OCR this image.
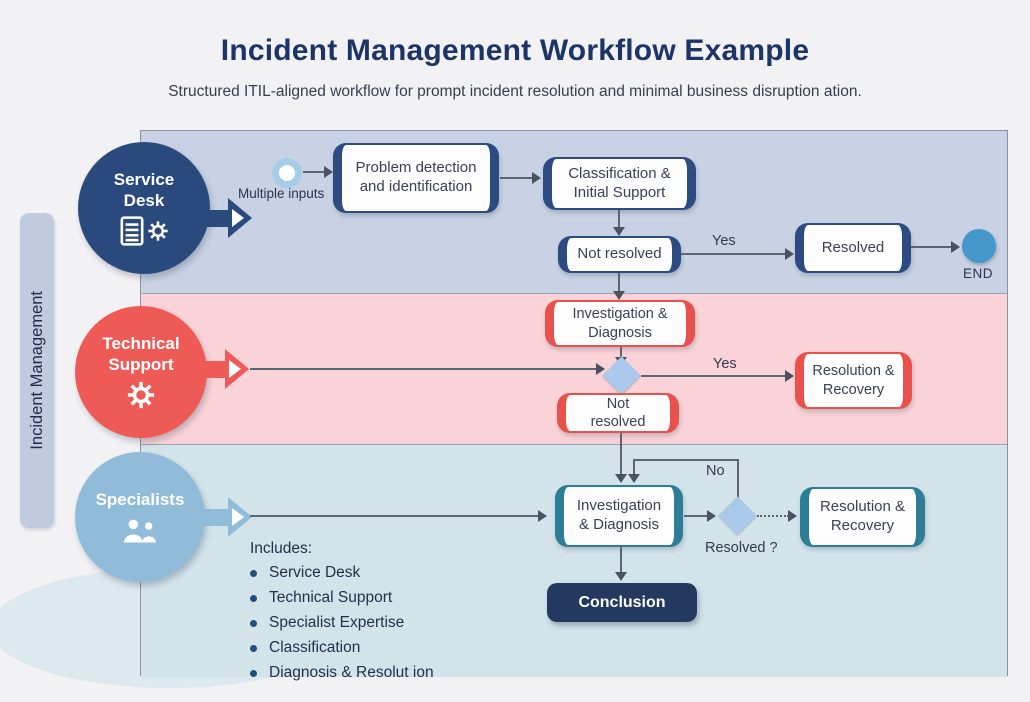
Incident Management Workflow Example
Structured ITIL-aligned workflow for prompt incident resolution and minimal business disruption ation.
Incident Management
Service Desk
Technical Support
Specialists
Multiple inputs
Problem detection and identification
Classification & Initial Support
Not resolved
Yes	Resolved
END
Investigation & Diagnosis
Yes	Resolution & Recovery
Not resolved
No
Investigation & Diagnosis
Resolved ?
Resolution & Recovery
Conclusion
Includes:
Service Desk
Technical Support
Specialist Expertise
Classification
Diagnosis & Resolut ion
